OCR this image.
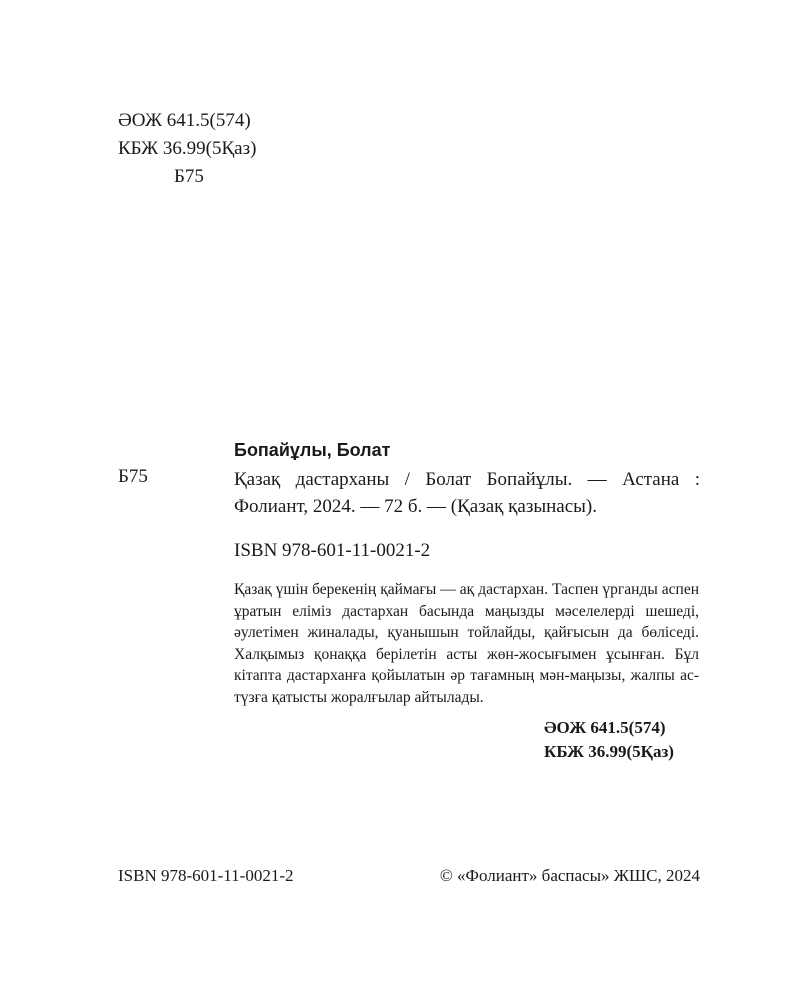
ӘОЖ 641.5(574)
КБЖ 36.99(5Қаз)
Б75
Бопайұлы, Болат
Б75	Қазақ дастарханы / Болат Бопайұлы. — Астана :
Фолиант, 2024. — 72 б. — (Қазақ қазынасы).
ISBN 978-601-11-0021-2
Қазақ үшін берекенің қаймағы — ақ дастархан. Таспен үрганды аспен ұратын еліміз дастархан басында маңызды мәселелерді шешеді, әулетімен жиналады, қуанышын тойлайды, қайғысын да бөліседі. Халқымыз қонаққа берілетін асты жөн-жосығымен ұсынған. Бұл кітапта дастарханға қойылатын әр тағамның мән-маңызы, жалпы ас-түзға қатысты жоралғылар айтылады.
ӘОЖ 641.5(574)
КБЖ 36.99(5Қаз)
ISBN 978-601-11-0021-2	© «Фолиант» баспасы» ЖШС, 2024
